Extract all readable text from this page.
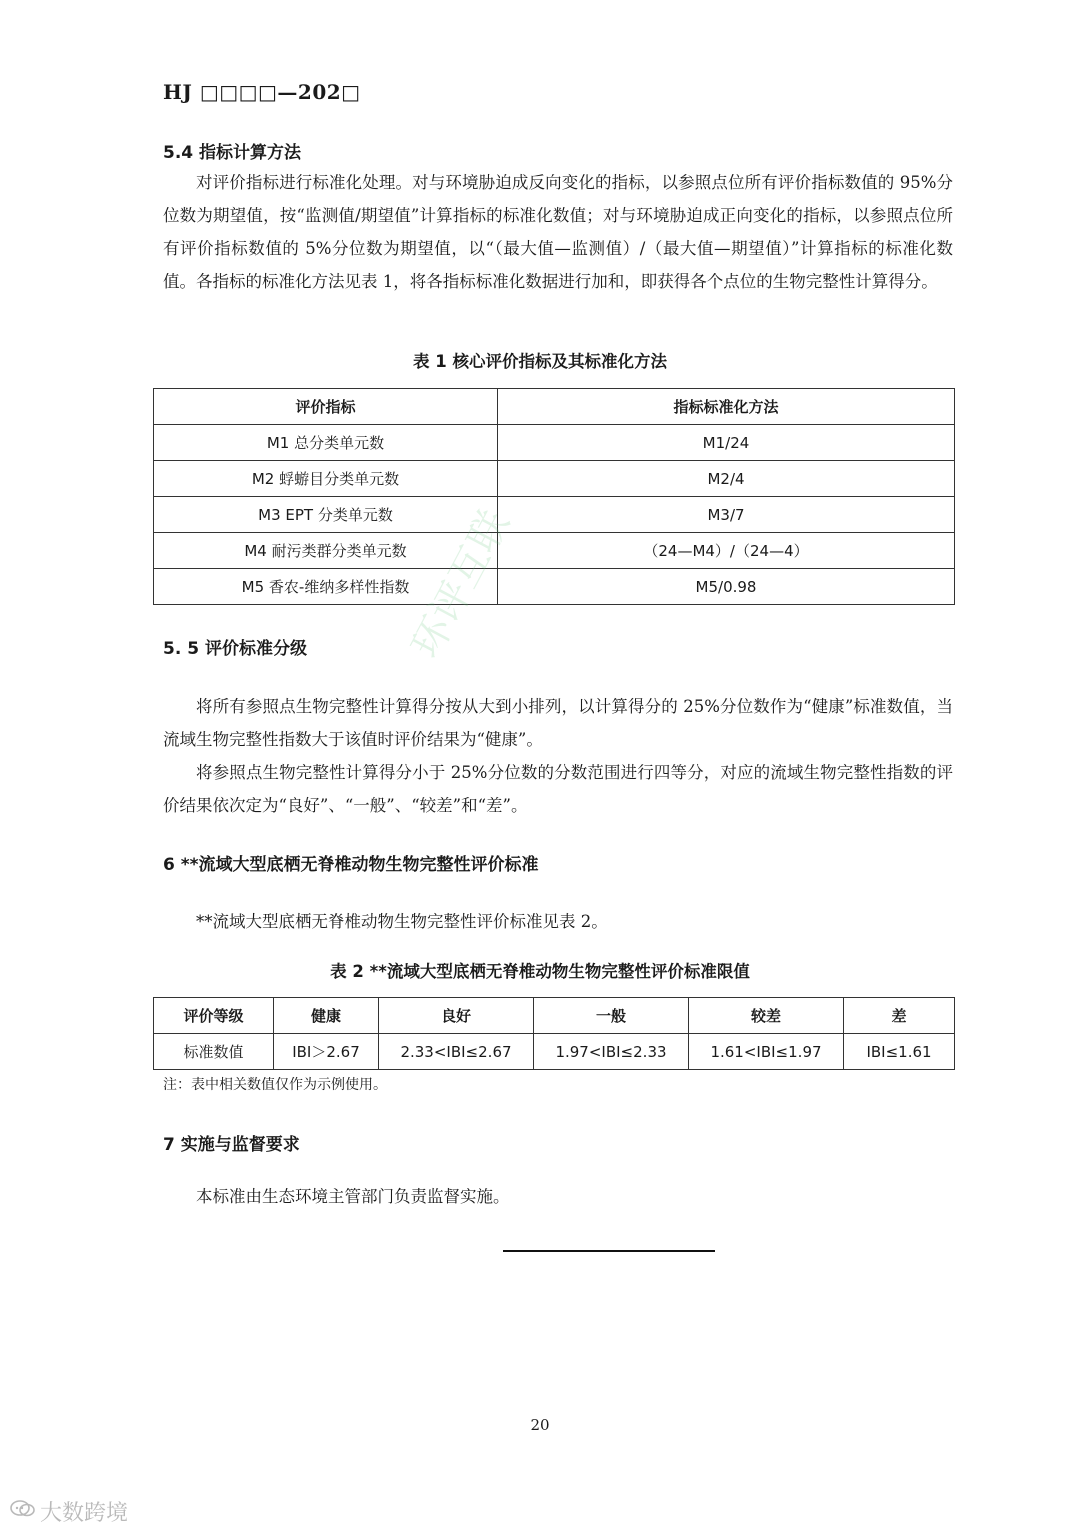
HJ □□□□—202□
5.4 指标计算方法
对评价指标进行标准化处理。对与环境胁迫成反向变化的指标，以参照点位所有评价指标数值的 95%分位数为期望值，按“监测值/期望值”计算指标的标准化数值；对与环境胁迫成正向变化的指标，以参照点位所有评价指标数值的 5%分位数为期望值，以“（最大值—监测值）/（最大值—期望值）”计算指标的标准化数值。各指标的标准化方法见表 1，将各指标标准化数据进行加和，即获得各个点位的生物完整性计算得分。
表 1 核心评价指标及其标准化方法
评价指标	指标标准化方法
M1 总分类单元数	M1/24
M2 蜉蝣目分类单元数	M2/4
M3 EPT 分类单元数	M3/7
M4 耐污类群分类单元数	（24—M4）/（24—4）
M5 香农-维纳多样性指数	M5/0.98
5. 5 评价标准分级
将所有参照点生物完整性计算得分按从大到小排列，以计算得分的 25%分位数作为“健康”标准数值，当流域生物完整性指数大于该值时评价结果为“健康”。
将参照点生物完整性计算得分小于 25%分位数的分数范围进行四等分，对应的流域生物完整性指数的评价结果依次定为“良好”、“一般”、“较差”和“差”。
环评互联
6 **流域大型底栖无脊椎动物生物完整性评价标准
**流域大型底栖无脊椎动物生物完整性评价标准见表 2。
表 2 **流域大型底栖无脊椎动物生物完整性评价标准限值
评价等级	健康	良好	一般	较差	差
标准数值	IBI＞2.67	2.33<IBI≤2.67	1.97<IBI≤2.33	1.61<IBI≤1.97	IBI≤1.61
注：表中相关数值仅作为示例使用。
7 实施与监督要求
本标准由生态环境主管部门负责监督实施。
20
大数跨境
